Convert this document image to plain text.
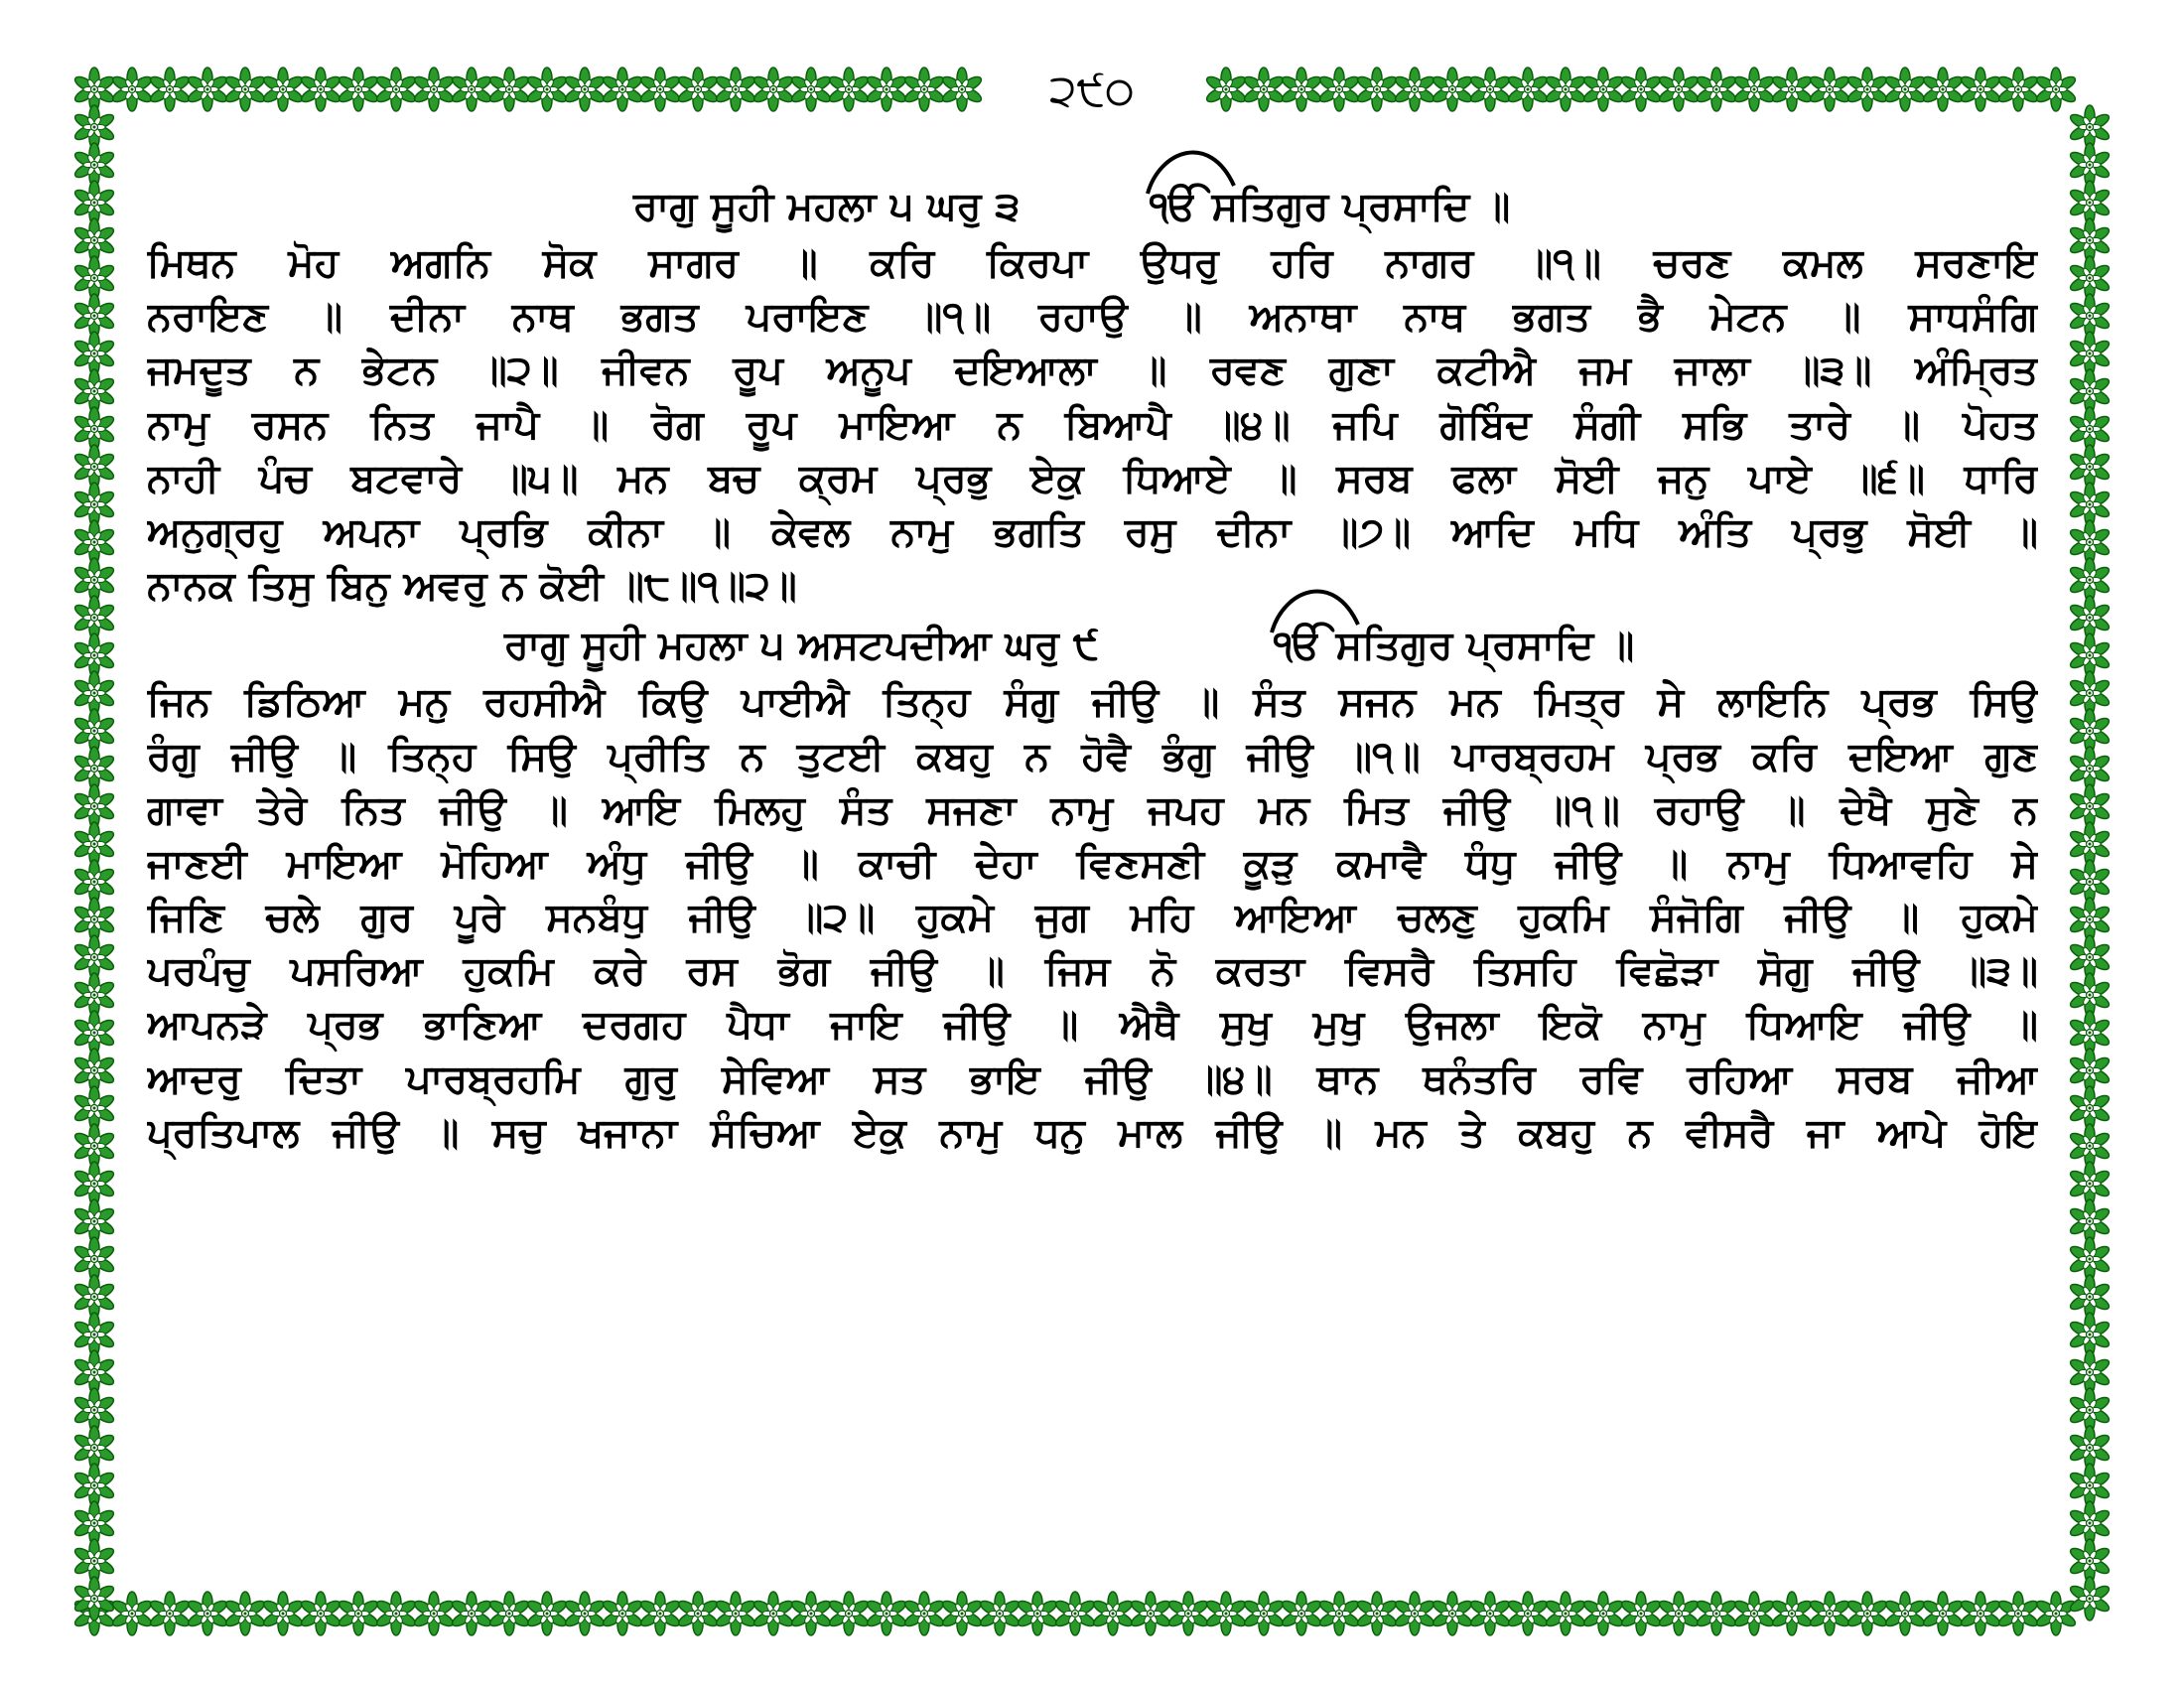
੨੯੦
ਰਾਗੁ ਸੂਹੀ ਮਹਲਾ ੫ ਘਰੁ ੩	ੴ ਸਤਿਗੁਰ ਪ੍ਰਸਾਦਿ ॥
ਮਿਥਨ ਮੋਹ ਅਗਨਿ ਸੋਕ ਸਾਗਰ ॥ ਕਰਿ ਕਿਰਪਾ ਉਧਰੁ ਹਰਿ ਨਾਗਰ ॥੧॥ ਚਰਣ ਕਮਲ ਸਰਣਾਇ
ਨਰਾਇਣ ॥ ਦੀਨਾ ਨਾਥ ਭਗਤ ਪਰਾਇਣ ॥੧॥ ਰਹਾਉ ॥ ਅਨਾਥਾ ਨਾਥ ਭਗਤ ਭੈ ਮੇਟਨ ॥ ਸਾਧਸੰਗਿ
ਜਮਦੂਤ ਨ ਭੇਟਨ ॥੨॥ ਜੀਵਨ ਰੂਪ ਅਨੂਪ ਦਇਆਲਾ ॥ ਰਵਣ ਗੁਣਾ ਕਟੀਐ ਜਮ ਜਾਲਾ ॥੩॥ ਅੰਮ੍ਰਿਤ
ਨਾਮੁ ਰਸਨ ਨਿਤ ਜਾਪੈ ॥ ਰੋਗ ਰੂਪ ਮਾਇਆ ਨ ਬਿਆਪੈ ॥੪॥ ਜਪਿ ਗੋਬਿੰਦ ਸੰਗੀ ਸਭਿ ਤਾਰੇ ॥ ਪੋਹਤ
ਨਾਹੀ ਪੰਚ ਬਟਵਾਰੇ ॥੫॥ ਮਨ ਬਚ ਕ੍ਰਮ ਪ੍ਰਭੁ ਏਕੁ ਧਿਆਏ ॥ ਸਰਬ ਫਲਾ ਸੋਈ ਜਨੁ ਪਾਏ ॥੬॥ ਧਾਰਿ
ਅਨੁਗ੍ਰਹੁ ਅਪਨਾ ਪ੍ਰਭਿ ਕੀਨਾ ॥ ਕੇਵਲ ਨਾਮੁ ਭਗਤਿ ਰਸੁ ਦੀਨਾ ॥੭॥ ਆਦਿ ਮਧਿ ਅੰਤਿ ਪ੍ਰਭੁ ਸੋਈ ॥
ਨਾਨਕ ਤਿਸੁ ਬਿਨੁ ਅਵਰੁ ਨ ਕੋਈ ॥੮॥੧॥੨॥
ਰਾਗੁ ਸੂਹੀ ਮਹਲਾ ੫ ਅਸਟਪਦੀਆ ਘਰੁ ੯	ੴ ਸਤਿਗੁਰ ਪ੍ਰਸਾਦਿ ॥
ਜਿਨ ਡਿਠਿਆ ਮਨੁ ਰਹਸੀਐ ਕਿਉ ਪਾਈਐ ਤਿਨ੍ਹ ਸੰਗੁ ਜੀਉ ॥ ਸੰਤ ਸਜਨ ਮਨ ਮਿਤ੍ਰ ਸੇ ਲਾਇਨਿ ਪ੍ਰਭ ਸਿਉ
ਰੰਗੁ ਜੀਉ ॥ ਤਿਨ੍ਹ ਸਿਉ ਪ੍ਰੀਤਿ ਨ ਤੁਟਈ ਕਬਹੁ ਨ ਹੋਵੈ ਭੰਗੁ ਜੀਉ ॥੧॥ ਪਾਰਬ੍ਰਹਮ ਪ੍ਰਭ ਕਰਿ ਦਇਆ ਗੁਣ
ਗਾਵਾ ਤੇਰੇ ਨਿਤ ਜੀਉ ॥ ਆਇ ਮਿਲਹੁ ਸੰਤ ਸਜਣਾ ਨਾਮੁ ਜਪਹ ਮਨ ਮਿਤ ਜੀਉ ॥੧॥ ਰਹਾਉ ॥ ਦੇਖੈ ਸੁਣੇ ਨ
ਜਾਣਈ ਮਾਇਆ ਮੋਹਿਆ ਅੰਧੁ ਜੀਉ ॥ ਕਾਚੀ ਦੇਹਾ ਵਿਣਸਣੀ ਕੂੜੁ ਕਮਾਵੈ ਧੰਧੁ ਜੀਉ ॥ ਨਾਮੁ ਧਿਆਵਹਿ ਸੇ
ਜਿਣਿ ਚਲੇ ਗੁਰ ਪੂਰੇ ਸਨਬੰਧੁ ਜੀਉ ॥੨॥ ਹੁਕਮੇ ਜੁਗ ਮਹਿ ਆਇਆ ਚਲਣੁ ਹੁਕਮਿ ਸੰਜੋਗਿ ਜੀਉ ॥ ਹੁਕਮੇ
ਪਰਪੰਚੁ ਪਸਰਿਆ ਹੁਕਮਿ ਕਰੇ ਰਸ ਭੋਗ ਜੀਉ ॥ ਜਿਸ ਨੋ ਕਰਤਾ ਵਿਸਰੈ ਤਿਸਹਿ ਵਿਛੋੜਾ ਸੋਗੁ ਜੀਉ ॥੩॥
ਆਪਨੜੇ ਪ੍ਰਭ ਭਾਣਿਆ ਦਰਗਹ ਪੈਧਾ ਜਾਇ ਜੀਉ ॥ ਐਥੈ ਸੁਖੁ ਮੁਖੁ ਉਜਲਾ ਇਕੋ ਨਾਮੁ ਧਿਆਇ ਜੀਉ ॥
ਆਦਰੁ ਦਿਤਾ ਪਾਰਬ੍ਰਹਮਿ ਗੁਰੁ ਸੇਵਿਆ ਸਤ ਭਾਇ ਜੀਉ ॥੪॥ ਥਾਨ ਥਨੰਤਰਿ ਰਵਿ ਰਹਿਆ ਸਰਬ ਜੀਆ
ਪ੍ਰਤਿਪਾਲ ਜੀਉ ॥ ਸਚੁ ਖਜਾਨਾ ਸੰਚਿਆ ਏਕੁ ਨਾਮੁ ਧਨੁ ਮਾਲ ਜੀਉ ॥ ਮਨ ਤੇ ਕਬਹੁ ਨ ਵੀਸਰੈ ਜਾ ਆਪੇ ਹੋਇ
